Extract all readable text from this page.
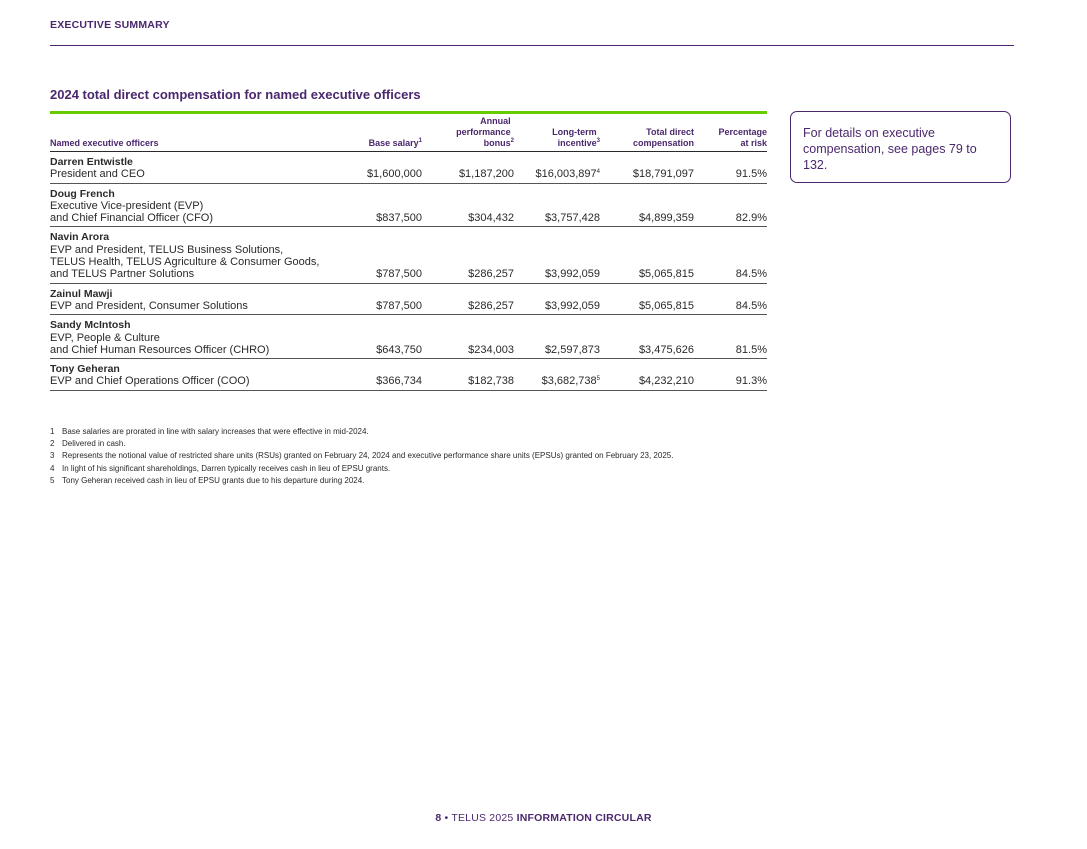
EXECUTIVE SUMMARY
2024 total direct compensation for named executive officers
Named executive officers	Base salary$^1$	Annual performance bonus$^2$	Long-term incentive$^3$	Total direct compensation	Percentage at risk

Darren Entwistle
President and CEO	$1,600,000	$1,187,200	$16,003,897$^4$	$18,791,097	91.5%

Doug French
Executive Vice-president (EVP)
and Chief Financial Officer (CFO)	$837,500	$304,432	$3,757,428	$4,899,359	82.9%

Navin Arora
EVP and President, TELUS Business Solutions,
TELUS Health, TELUS Agriculture & Consumer Goods,
and TELUS Partner Solutions	$787,500	$286,257	$3,992,059	$5,065,815	84.5%

Zainul Mawji
EVP and President, Consumer Solutions	$787,500	$286,257	$3,992,059	$5,065,815	84.5%

Sandy McIntosh
EVP, People & Culture
and Chief Human Resources Officer (CHRO)	$643,750	$234,003	$2,597,873	$3,475,626	81.5%

Tony Geheran
EVP and Chief Operations Officer (COO)	$366,734	$182,738	$3,682,738$^5$	$4,232,210	91.3%
1 Base salaries are prorated in line with salary increases that were effective in mid-2024.
2 Delivered in cash.
3 Represents the notional value of restricted share units (RSUs) granted on February 24, 2024 and executive performance share units (EPSUs) granted on February 23, 2025.
4 In light of his significant shareholdings, Darren typically receives cash in lieu of EPSU grants.
5 Tony Geheran received cash in lieu of EPSU grants due to his departure during 2024.
For details on executive compensation, see pages 79 to 132.
8 • TELUS 2025 INFORMATION CIRCULAR
